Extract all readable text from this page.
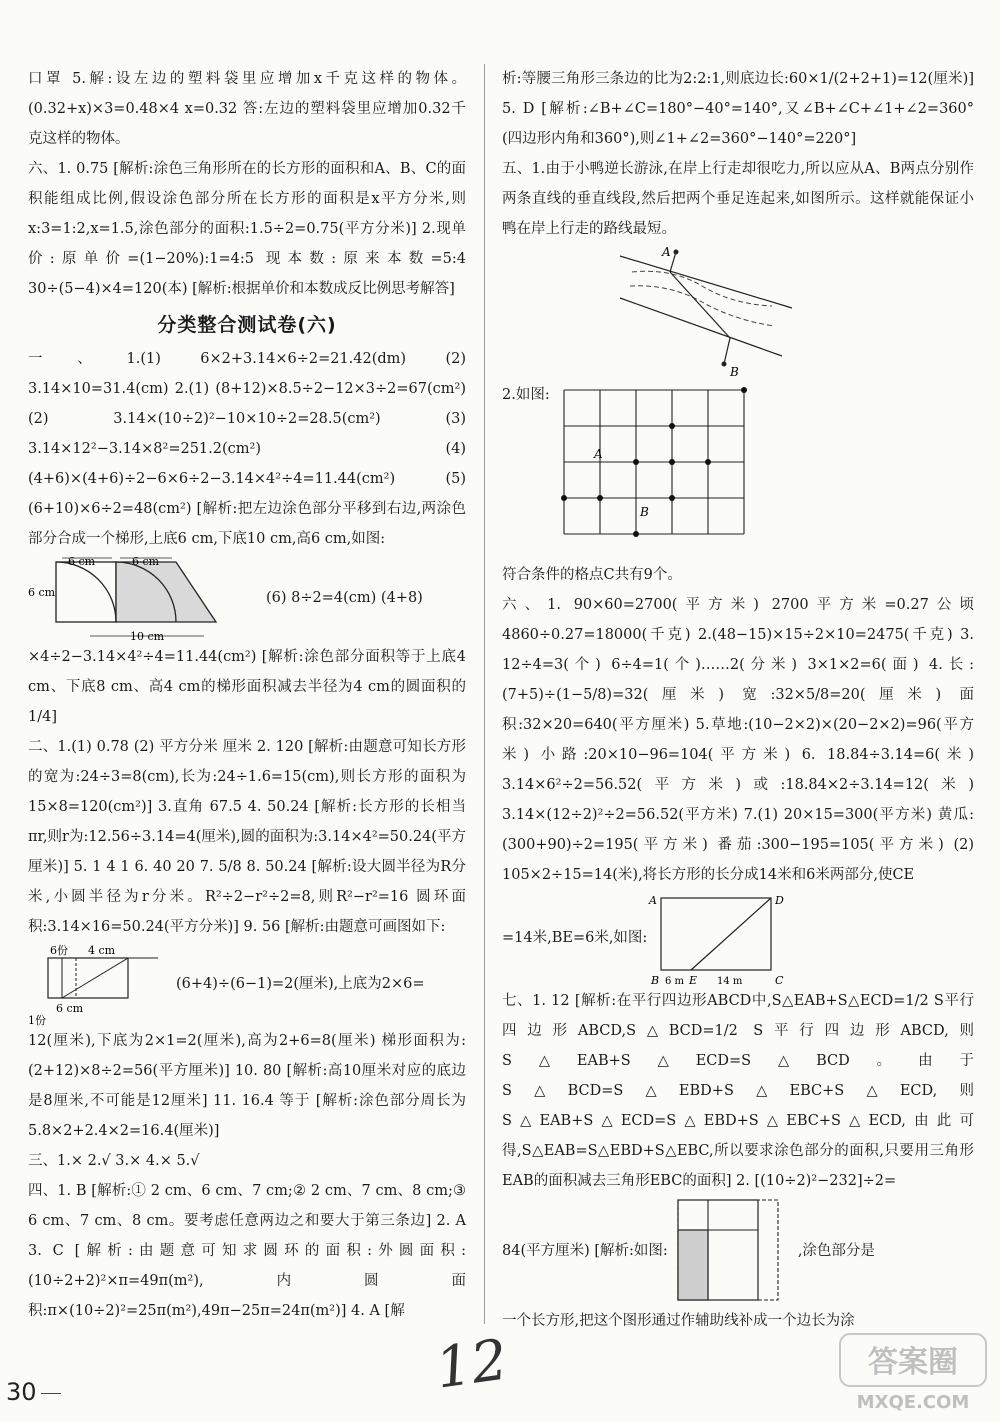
口罩 5.解:设左边的塑料袋里应增加x千克这样的物体。(0.32+x)×3=0.48×4 x=0.32 答:左边的塑料袋里应增加0.32千克这样的物体。

六、1. 0.75 [解析:涂色三角形所在的长方形的面积和A、B、C的面积能组成比例,假设涂色部分所在长方形的面积是x平方分米,则x:3=1:2,x=1.5,涂色部分的面积:1.5÷2=0.75(平方分米)] 2.现单价:原单价=(1−20%):1=4:5 现本数:原来本数=5:4 30÷(5−4)×4=120(本) [解析:根据单价和本数成反比例思考解答]

分类整合测试卷(六)

一、1.(1) 6×2+3.14×6÷2=21.42(dm) (2) 3.14×10=31.4(cm) 2.(1) (8+12)×8.5÷2−12×3÷2=67(cm²) (2) 3.14×(10÷2)²−10×10÷2=28.5(cm²) (3) 3.14×12²−3.14×8²=251.2(cm²) (4) (4+6)×(4+6)÷2−6×6÷2−3.14×4²÷4=11.44(cm²) (5) (6+10)×6÷2=48(cm²) [解析:把左边涂色部分平移到右边,两涂色部分合成一个梯形,上底6 cm,下底10 cm,高6 cm,如图:

6 cm	6 cm
6 cm
10 cm
(6) 8÷2=4(cm) (4+8)

×4÷2−3.14×4²÷4=11.44(cm²) [解析:涂色部分面积等于上底4 cm、下底8 cm、高4 cm的梯形面积减去半径为4 cm的圆面积的1/4]

二、1.(1) 0.78 (2) 平方分米 厘米 2. 120 [解析:由题意可知长方形的宽为:24÷3=8(cm),长为:24÷1.6=15(cm),则长方形的面积为15×8=120(cm²)] 3.直角 67.5 4. 50.24 [解析:长方形的长相当πr,则r为:12.56÷3.14=4(厘米),圆的面积为:3.14×4²=50.24(平方厘米)] 5. 1 4 1 6. 40 20 7. 5/8 8. 50.24 [解析:设大圆半径为R分米,小圆半径为r分米。R²÷2−r²÷2=8,则R²−r²=16 圆环面积:3.14×16=50.24(平方分米)] 9. 56 [解析:由题意可画图如下:

6份 4 cm
6 cm
1份
(6+4)÷(6−1)=2(厘米),上底为2×6=

12(厘米),下底为2×1=2(厘米),高为2+6=8(厘米) 梯形面积为:(2+12)×8÷2=56(平方厘米)] 10. 80 [解析:高10厘米对应的底边是8厘米,不可能是12厘米] 11. 16.4 等于 [解析:涂色部分周长为5.8×2+2.4×2=16.4(厘米)]

三、1.× 2.√ 3.× 4.× 5.√

四、1. B [解析:① 2 cm、6 cm、7 cm;② 2 cm、7 cm、8 cm;③ 6 cm、7 cm、8 cm。要考虑任意两边之和要大于第三条边] 2. A 3. C [解析:由题意可知求圆环的面积:外圆面积:(10÷2+2)²×π=49π(m²),内圆面积:π×(10÷2)²=25π(m²),49π−25π=24π(m²)] 4. A [解

析:等腰三角形三条边的比为2:2:1,则底边长:60×1/(2+2+1)=12(厘米)] 5. D [解析:∠B+∠C=180°−40°=140°,又∠B+∠C+∠1+∠2=360°(四边形内角和360°),则∠1+∠2=360°−140°=220°]

五、1.由于小鸭逆长游泳,在岸上行走却很吃力,所以应从A、B两点分别作两条直线的垂直线段,然后把两个垂足连起来,如图所示。这样就能保证小鸭在岸上行走的路线最短。

A
B
2.如图:
A
B

符合条件的格点C共有9个。

六、1. 90×60=2700(平方米) 2700平方米=0.27公顷 4860÷0.27=18000(千克) 2.(48−15)×15÷2×10=2475(千克) 3. 12÷4=3(个) 6÷4=1(个)……2(分米) 3×1×2=6(面) 4.长:(7+5)÷(1−5/8)=32(厘米) 宽:32×5/8=20(厘米) 面积:32×20=640(平方厘米) 5.草地:(10−2×2)×(20−2×2)=96(平方米) 小路:20×10−96=104(平方米) 6. 18.84÷3.14=6(米) 3.14×6²÷2=56.52(平方米)或:18.84×2÷3.14=12(米) 3.14×(12÷2)²÷2=56.52(平方米) 7.(1) 20×15=300(平方米) 黄瓜:(300+90)÷2=195(平方米) 番茄:300−195=105(平方米) (2) 105×2÷15=14(米),将长方形的长分成14米和6米两部分,使CE

=14米,BE=6米,如图:
A	D
B 6 m E 14 m	C

七、1. 12 [解析:在平行四边形ABCD中,S△EAB+S△ECD=1/2 S平行四边形ABCD,S△BCD=1/2 S平行四边形ABCD,则S△EAB+S△ECD=S△BCD。由于S△BCD=S△EBD+S△EBC+S△ECD,则S△EAB+S△ECD=S△EBD+S△EBC+S△ECD,由此可得,S△EAB=S△EBD+S△EBC,所以要求涂色部分的面积,只要用三角形EAB的面积减去三角形EBC的面积] 2. [(10÷2)²−232]÷2=

84(平方厘米) [解析:如图:	,涂色部分是

一个长方形,把这个图形通过作辅助线补成一个边长为涂

30	12	答案圈
MXQE.COM
